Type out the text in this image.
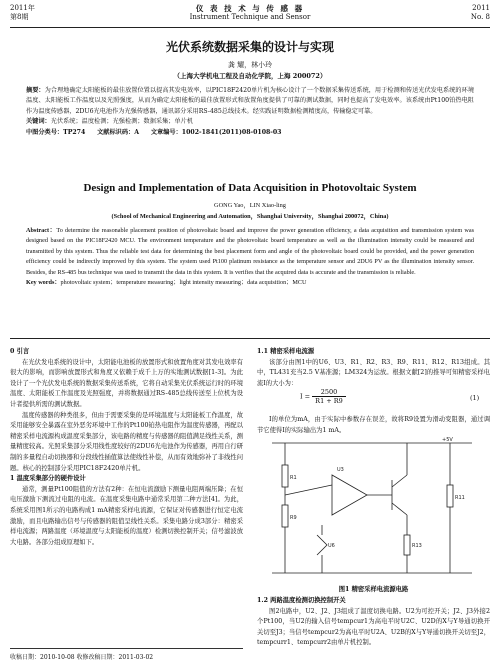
2011年
第8期
仪 表 技 术 与 传 感 器
Instrument Technique and Sensor
2011
No. 8
光伏系统数据采集的设计与实现
龚 耀，林小玲
（上海大学机电工程及自动化学院，上海 200072）
摘要：为合理地确定太阳能板的最佳放置位置以提高其发电效率，以PIC18F2420单片机为核心设计了一个数据采集传送系统，用于检测和传送光伏发电系统的环境温度、太阳能板工作温度以及光照强度，从而为确定太阳能板的最佳放置形式和放置角度提供了可靠的测试数据，同时也提高了发电效率。该系统由Pt100铂热电阻作为温度传感器，2DU6光电池作为光强传感器，通讯部分采用RS-485总线技术。经实践证明数据检测精度高，传输稳定可靠。
关键词：光伏系统；温度检测；光强检测；数据采集；单片机
中图分类号：TP274 文献标识码：A 文章编号：1002-1841(2011)08-0108-03
Design and Implementation of Data Acquisition in Photovoltaic System
GONG Yao，LIN Xiao-ling
(School of Mechanical Engineering and Automation，Shanghai University，Shanghai 200072，China)
Abstract：To determine the reasonable placement position of photovoltaic board and improve the power generation efficiency, a data acquisition and transmission system was designed based on the PIC18F2420 MCU. The environment temperature and the photovoltaic board temperature as well as the illumination intensity could be measured and transmitted by this system. Thus the reliable test data for determining the best placement form and angle of the photovoltaic board could be provided, and the power generation efficiency could be indirectly improved by this system. The system used Pt100 platinum resistance as the temperature sensor and 2DU6 PV as the illumination intensity sensor. Besides, the RS-485 bus technique was used to transmit the data in this system. It is verifies that the acquired data is accurate and the transmission is reliable.
Key words：photovoltaic system；temperature measuring；light intensity measuring；data acquisition；MCU
0 引言
在光伏发电系统的设计中，太阳能电池板的放置形式和放置角度对其发电效率有很大的影响，而影响放置形式和角度又依赖于成千上万的实地测试数据[1-3]。为此设计了一个光伏发电系统的数据采集传送系统，它将自动采集光伏系统运行时的环境温度、太阳能板工作温度及光照强度，并将数据通过RS-485总线传送至上位机为设计者提供所需的测试数据。
温度传感器的种类很多，但由于需要采集的是环境温度与太阳能板工作温度，故采用能够安全暴露在室外恶劣环境中工作的Pt100铂热电阻作为温度传感器，再配以精密采样电流源构成温度采集部分，该电路的精度与传感器的阻值满足线性关系，测量精度较高。光照采集部分采用线性度较好的2DU6光电池作为传感器，再用自行研制的多量程自动切换器和分段线性插值算法使线性补偿，从而有效地弥补了非线性问题。核心的控制部分采用PIC18F2420单片机。
1 温度采集部分的硬件设计
通常，测量Pt100阻值的方法有2种：在恒电流激励下测量电阻两端压降；在恒电压激励下测流过电阻的电流。在温度采集电路中通常采用第二种方法[4]。为此，系统采用图1所示的电路构成1 mA精密采样电流源，它保证对传感器进行恒定电流激励，而且电路输出信号与传感器的阻值呈线性关系。采集电路分成3部分：精密采样电流源；两路温度（环境温度与太阳能板的温度）检测切换控制开关；信号滤波放大电路。各部分组成原理如下。
收稿日期：2010-10-08 收修改稿日期：2011-03-02
1.1 精密采样电流源
该部分由图1中的U6、U3、R1、R2、R3、R9、R11、R12、R13组成。其中，TL431充当2.5 V基准源；LM324为运放。根据文献[2]的推导可知精密采样电流I的大小为：
I的单位为mA，由于实际中参数存在误差，故将R9设置为滑动变阻器，通过调节它使得I的实际输出为1 mA。
$I = \frac{2500}{R1 + R9}$	(1)
R1
R9
U3
R13
R11
U6
+5V
图1 精密采样电流源电路
1.2 两路温度检测切换控制开关
图2电路中，U2、J2、J3组成了温度切换电路。U2为可控开关；J2、J3外接2个Pt100，当U2的输入信号tempcur1为高电平时U2C、U2D的X与Y导通切换开关切至J3；当信号tempcur2为高电平时U2A、U2B的X与Y导通切换开关切至J2，tempcurr1、tempcurr2由单片机控制。
